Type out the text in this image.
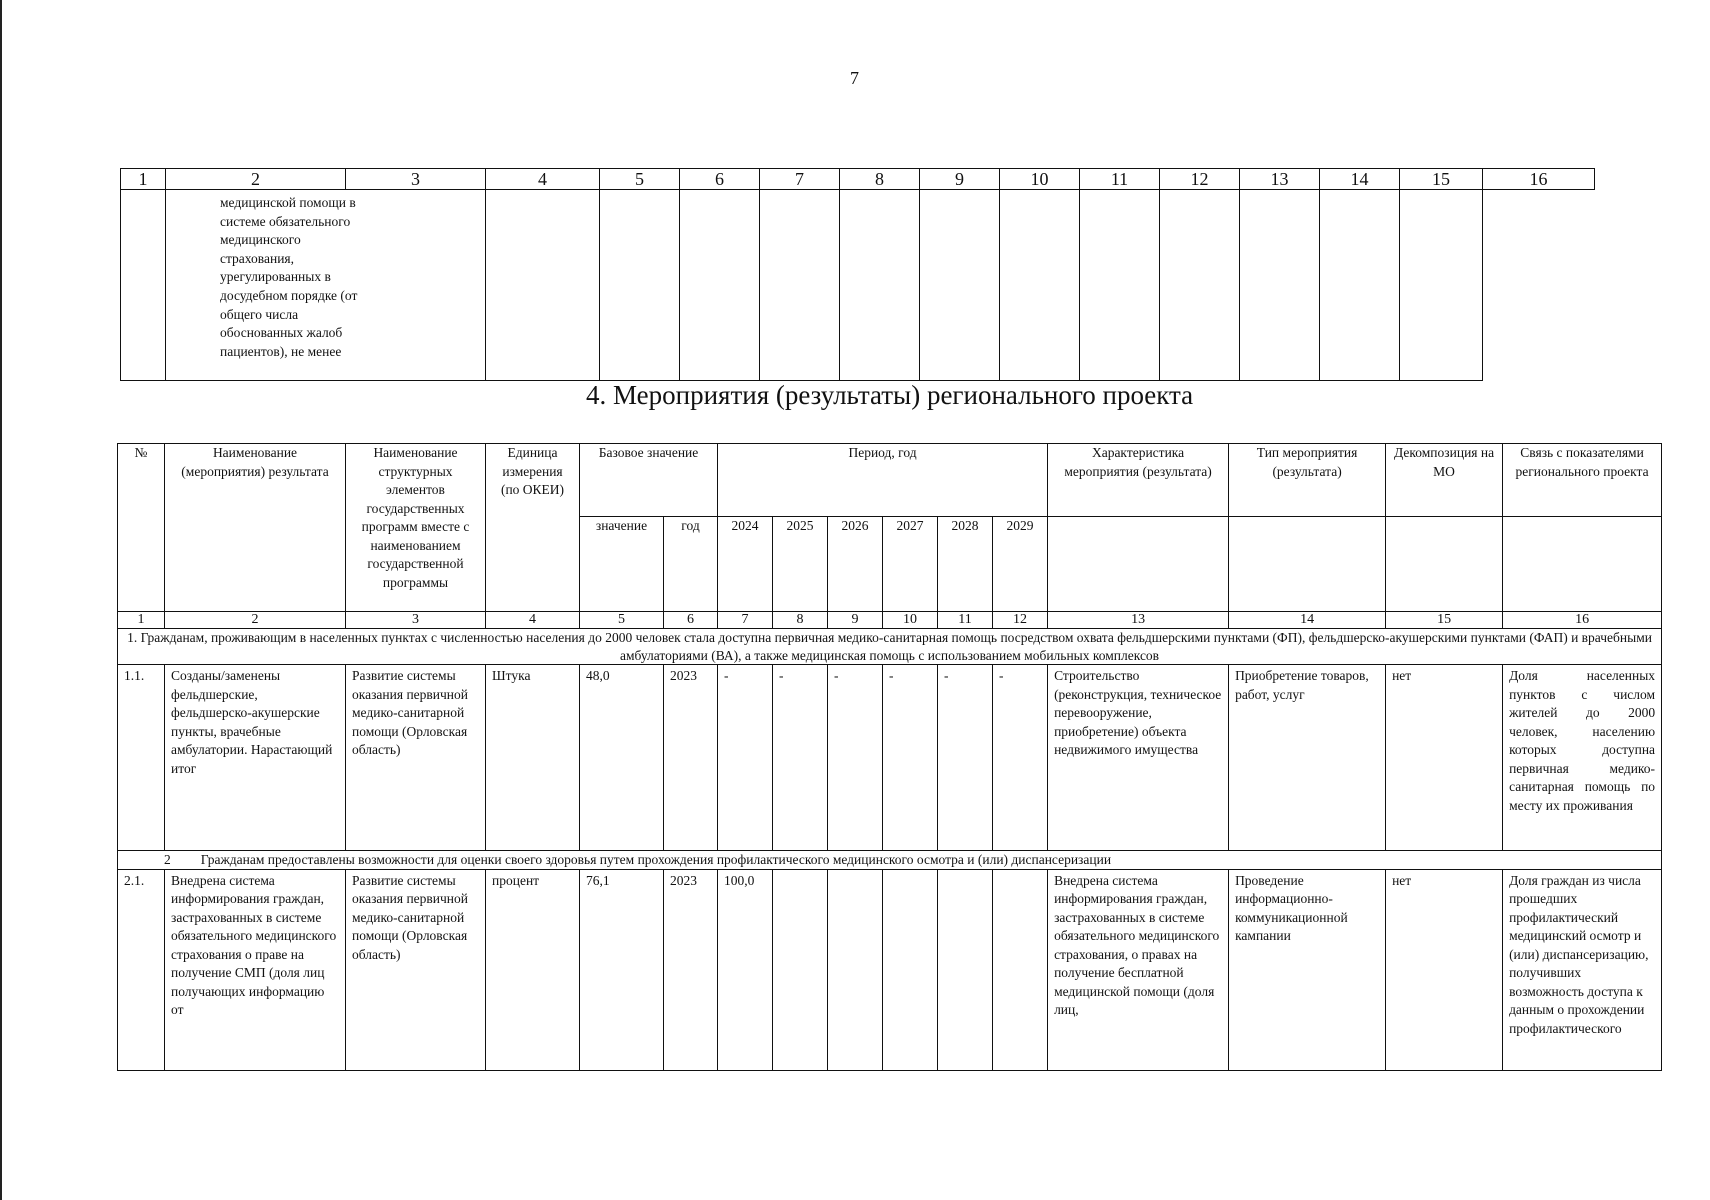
7
1	2	3	4	5	6	7	8	9	10	11	12	13	14	15	16

	медицинской помощи в системе обязательного медицинского страхования, урегулированных в досудебном порядке (от общего числа обоснованных жалоб пациентов), не менее														

4. Мероприятия (результаты) регионального проекта
№	Наименование (мероприятия) результата	Наименование структурных элементов государственных программ вместе с наименованием государственной программы	Единица измерения (по ОКЕИ)	Базовое значение		Период, год						Характеристика мероприятия (результата)	Тип мероприятия (результата)	Декомпозиция на МО	Связь с показателями регионального проекта
				значение	год	2024	2025	2026	2027	2028	2029				
1	2	3	4	5	6	7	8	9	10	11	12	13	14	15	16
1. Гражданам, проживающим в населенных пунктах с численностью населения до 2000 человек стала доступна первичная медико-санитарная помощь посредством охвата фельдшерскими пунктами (ФП), фельдшерско-акушерскими пунктами (ФАП) и врачебными амбулаториями (ВА), а также медицинская помощь с использованием мобильных комплексов															
1.1.	Созданы/заменены фельдшерские, фельдшерско-акушерские пункты, врачебные амбулатории. Нарастающий итог	Развитие системы оказания первичной медико-санитарной помощи (Орловская область)	Штука	48,0	2023	-	-	-	-	-	-	Строительство (реконструкция, техническое перевооружение, приобретение) объекта недвижимого имущества	Приобретение товаров, работ, услуг	нет	Доля населенных пунктов с числом жителей до 2000 человек, населению которых доступна первичная медико-санитарная помощь по месту их проживания
2 Гражданам предоставлены возможности для оценки своего здоровья путем прохождения профилактического медицинского осмотра и (или) диспансеризации															
2.1.	Внедрена система информирования граждан, застрахованных в системе обязательного медицинского страхования о праве на получение СМП (доля лиц получающих информацию от	Развитие системы оказания первичной медико-санитарной помощи (Орловская область)	процент	76,1	2023	100,0						Внедрена система информирования граждан, застрахованных в системе обязательного медицинского страхования, о правах на получение бесплатной медицинской помощи (доля лиц,	Проведение информационно-коммуникационной кампании	нет	Доля граждан из числа прошедших профилактический медицинский осмотр и (или) диспансеризацию, получивших возможность доступа к данным о прохождении профилактического
